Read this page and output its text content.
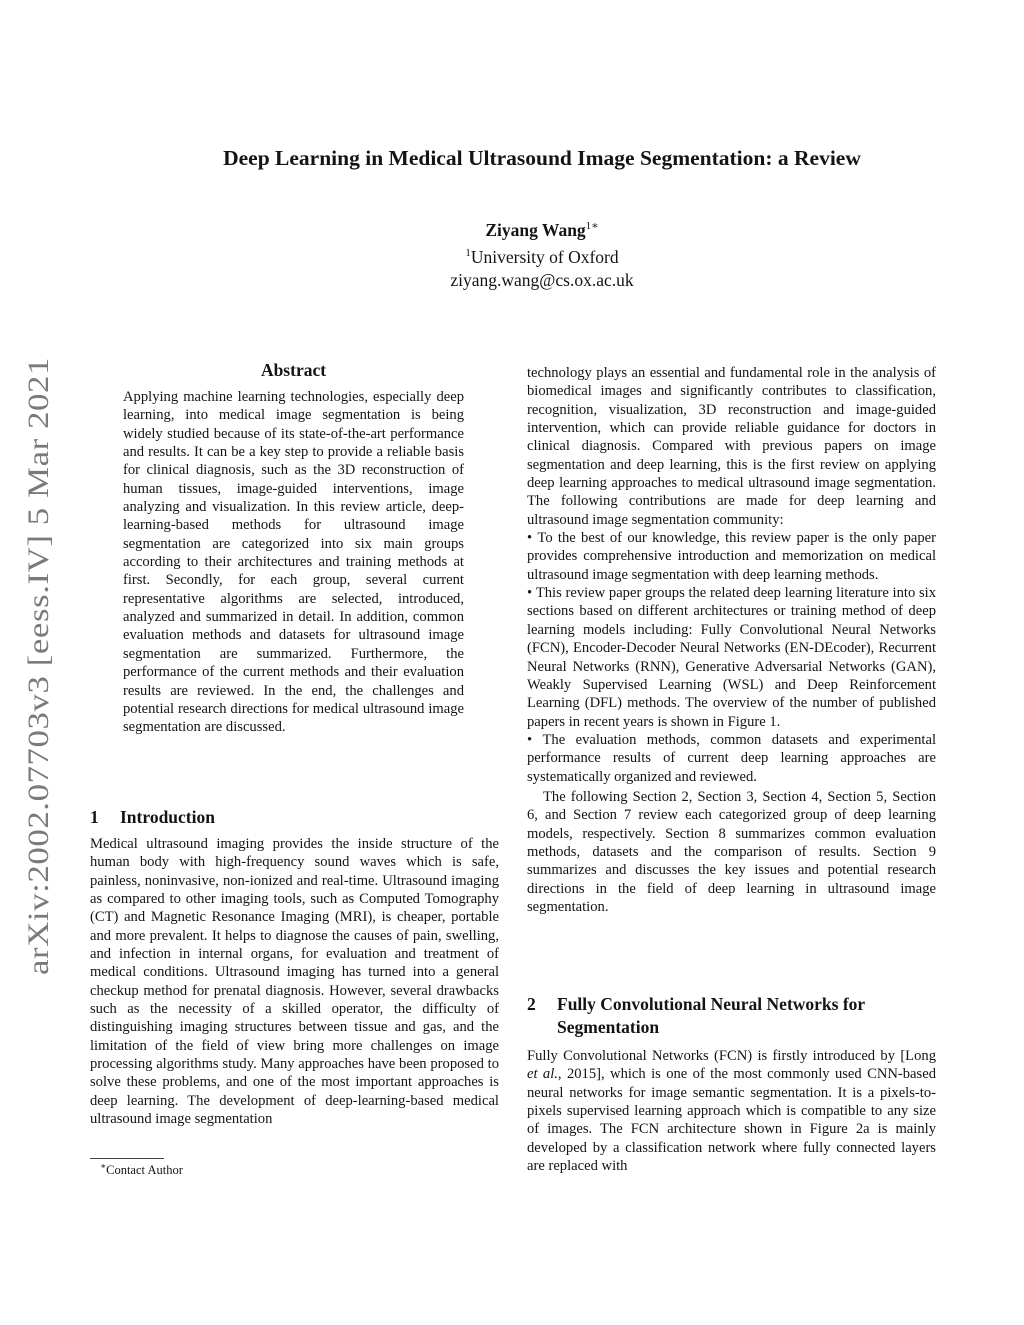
arXiv:2002.07703v3 [eess.IV] 5 Mar 2021
Deep Learning in Medical Ultrasound Image Segmentation: a Review
Ziyang Wang$^{1∗}$
$^1$University of Oxford
ziyang.wang@cs.ox.ac.uk
Abstract

Applying machine learning technologies, especially deep learning, into medical image segmentation is being widely studied because of its state-of-the-art performance and results. It can be a key step to provide a reliable basis for clinical diagnosis, such as the 3D reconstruction of human tissues, image-guided interventions, image analyzing and visualization. In this review article, deep-learning-based methods for ultrasound image segmentation are categorized into six main groups according to their architectures and training methods at first. Secondly, for each group, several current representative algorithms are selected, introduced, analyzed and summarized in detail. In addition, common evaluation methods and datasets for ultrasound image segmentation are summarized. Furthermore, the performance of the current methods and their evaluation results are reviewed. In the end, the challenges and potential research directions for medical ultrasound image segmentation are discussed.

1	Introduction

Medical ultrasound imaging provides the inside structure of the human body with high-frequency sound waves which is safe, painless, noninvasive, non-ionized and real-time. Ultrasound imaging as compared to other imaging tools, such as Computed Tomography (CT) and Magnetic Resonance Imaging (MRI), is cheaper, portable and more prevalent. It helps to diagnose the causes of pain, swelling, and infection in internal organs, for evaluation and treatment of medical conditions. Ultrasound imaging has turned into a general checkup method for prenatal diagnosis. However, several drawbacks such as the necessity of a skilled operator, the difficulty of distinguishing imaging structures between tissue and gas, and the limitation of the field of view bring more challenges on image processing algorithms study. Many approaches have been proposed to solve these problems, and one of the most important approaches is deep learning. The development of deep-learning-based medical ultrasound image segmentation

∗Contact Author

technology plays an essential and fundamental role in the analysis of biomedical images and significantly contributes to classification, recognition, visualization, 3D reconstruction and image-guided intervention, which can provide reliable guidance for doctors in clinical diagnosis. Compared with previous papers on image segmentation and deep learning, this is the first review on applying deep learning approaches to medical ultrasound image segmentation. The following contributions are made for deep learning and ultrasound image segmentation community:

• To the best of our knowledge, this review paper is the only paper provides comprehensive introduction and memorization on medical ultrasound image segmentation with deep learning methods.

• This review paper groups the related deep learning literature into six sections based on different architectures or training method of deep learning models including: Fully Convolutional Neural Networks (FCN), Encoder-Decoder Neural Networks (EN-DEcoder), Recurrent Neural Networks (RNN), Generative Adversarial Networks (GAN), Weakly Supervised Learning (WSL) and Deep Reinforcement Learning (DFL) methods. The overview of the number of published papers in recent years is shown in Figure 1.

• The evaluation methods, common datasets and experimental performance results of current deep learning approaches are systematically organized and reviewed.

The following Section 2, Section 3, Section 4, Section 5, Section 6, and Section 7 review each categorized group of deep learning models, respectively. Section 8 summarizes common evaluation methods, datasets and the comparison of results. Section 9 summarizes and discusses the key issues and potential research directions in the field of deep learning in ultrasound image segmentation.

2	Fully Convolutional Neural Networks for Segmentation

Fully Convolutional Networks (FCN) is firstly introduced by [Long et al., 2015], which is one of the most commonly used CNN-based neural networks for image semantic segmentation. It is a pixels-to-pixels supervised learning approach which is compatible to any size of images. The FCN architecture shown in Figure 2a is mainly developed by a classification network where fully connected layers are replaced with
